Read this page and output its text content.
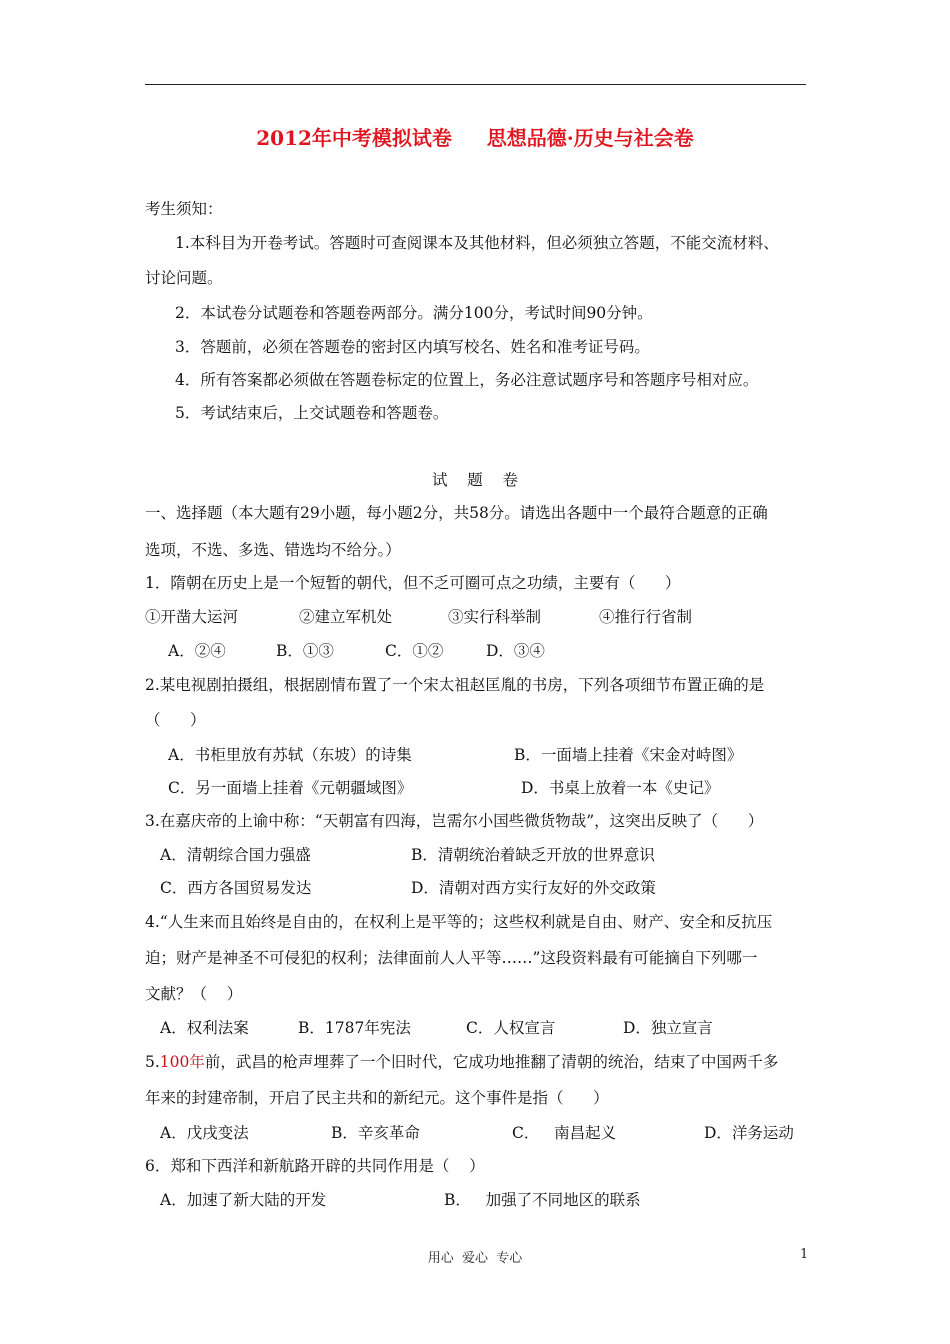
2012年中考模拟试卷     思想品德·历史与社会卷
考生须知：
1.本科目为开卷考试。答题时可查阅课本及其他材料，但必须独立答题，不能交流材料、
讨论问题。
2．本试卷分试题卷和答题卷两部分。满分100分，考试时间90分钟。
3．答题前，必须在答题卷的密封区内填写校名、姓名和准考证号码。
4．所有答案都必须做在答题卷标定的位置上，务必注意试题序号和答题序号相对应。
5．考试结束后，上交试题卷和答题卷。
试    题    卷
一、选择题（本大题有29小题，每小题2分，共58分。请选出各题中一个最符合题意的正确
选项，不选、多选、错选均不给分。）
1．隋朝在历史上是一个短暂的朝代，但不乏可圈可点之功绩，主要有（      ）
①开凿大运河	②建立军机处	③实行科举制	④推行行省制
A．②④	B．①③	C．①②	D．③④
2.某电视剧拍摄组，根据剧情布置了一个宋太祖赵匡胤的书房，下列各项细节布置正确的是
（      ）
A．书柜里放有苏轼（东坡）的诗集	B．一面墙上挂着《宋金对峙图》
C．另一面墙上挂着《元朝疆域图》	D．书桌上放着一本《史记》
3.在嘉庆帝的上谕中称：“天朝富有四海，岂需尔小国些微货物哉”，这突出反映了（      ）
A．清朝综合国力强盛	B．清朝统治着缺乏开放的世界意识
C．西方各国贸易发达	D．清朝对西方实行友好的外交政策
4.“人生来而且始终是自由的，在权利上是平等的；这些权利就是自由、财产、安全和反抗压
迫；财产是神圣不可侵犯的权利；法律面前人人平等……”这段资料最有可能摘自下列哪一
文献？（    ）
A．权利法案	B．1787年宪法	C．人权宣言	D．独立宣言
5.100年前，武昌的枪声埋葬了一个旧时代，它成功地推翻了清朝的统治，结束了中国两千多
年来的封建帝制，开启了民主共和的新纪元。这个事件是指（      ）
A．戊戌变法	B．辛亥革命	C．   南昌起义	D．洋务运动
6．郑和下西洋和新航路开辟的共同作用是（    ）
A．加速了新大陆的开发	B．   加强了不同地区的联系
用心  爱心  专心	1
